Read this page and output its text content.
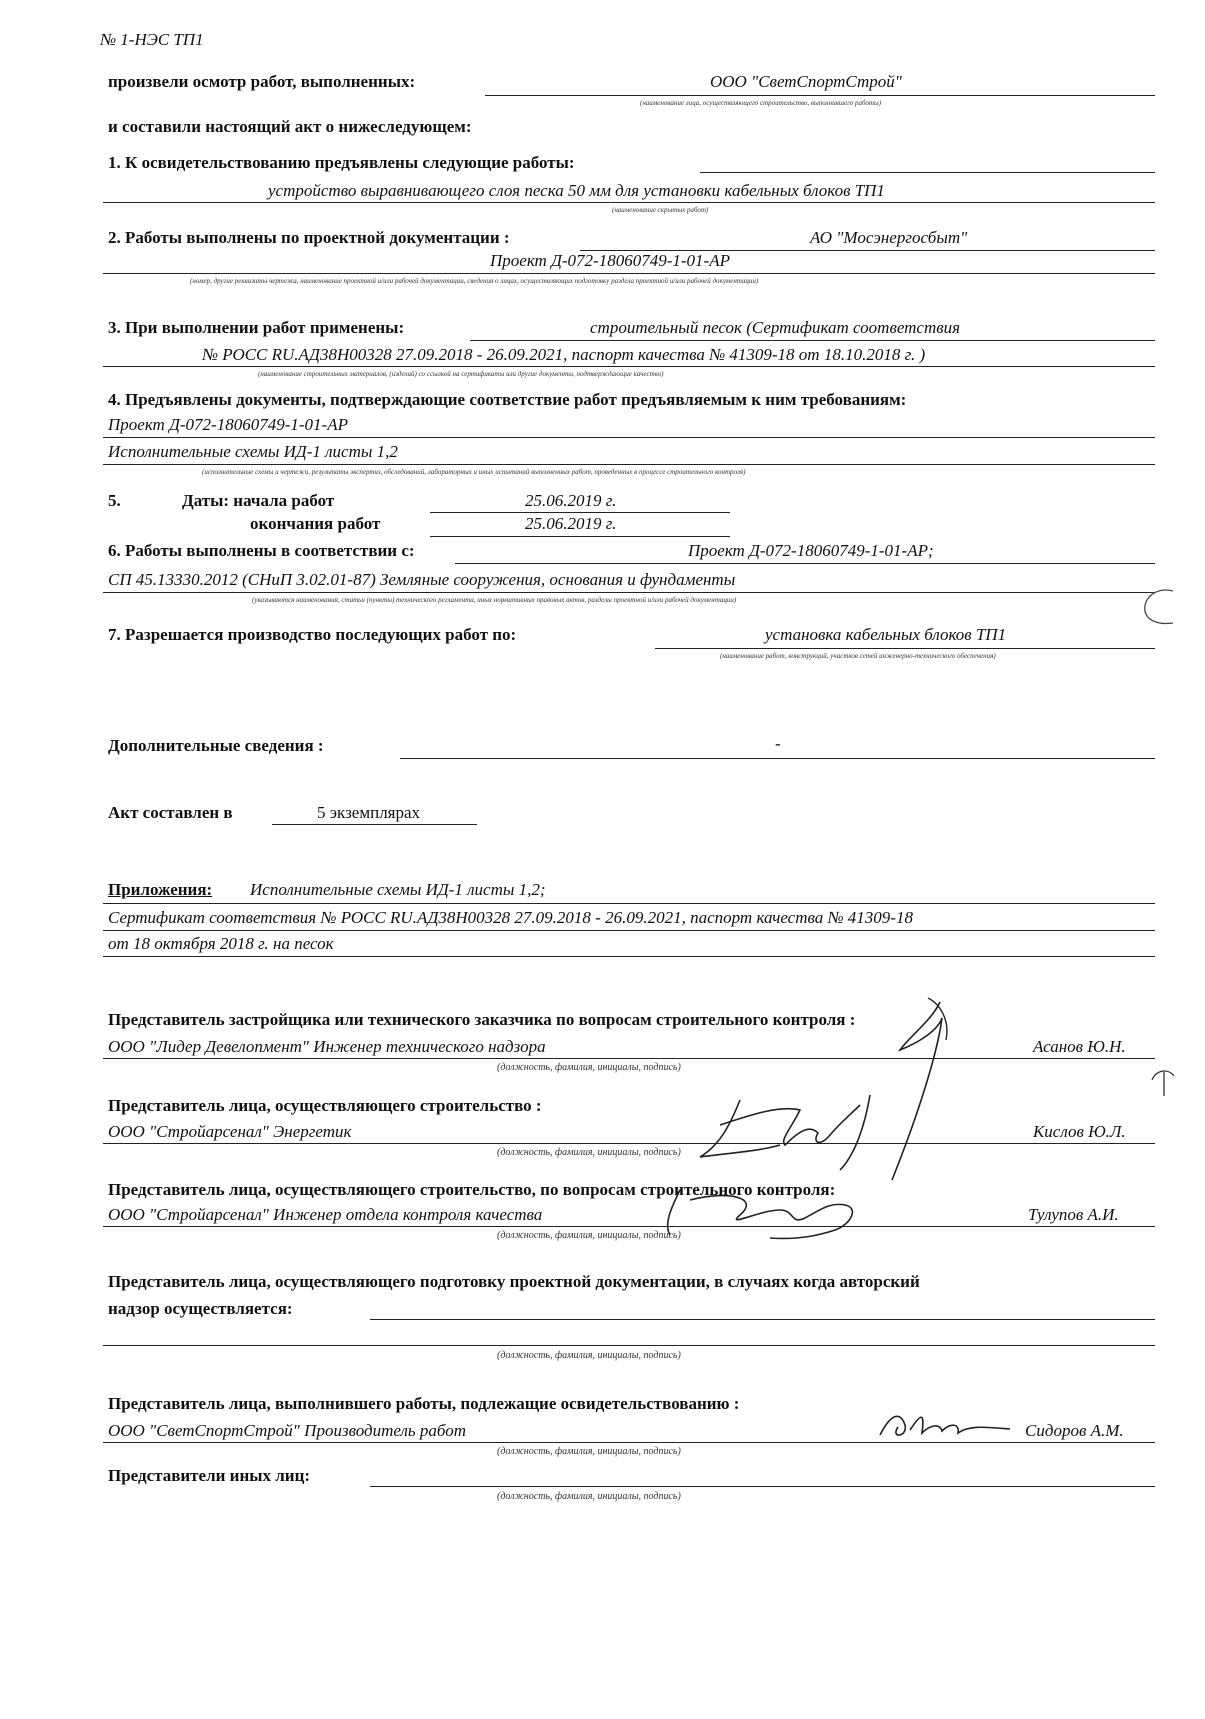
№ 1-НЭС ТП1
произвели осмотр работ, выполненных:	ООО "СветСпортСтрой"
(наименование лица, осуществляющего строительство, выполнившего работы)
и составили настоящий акт о нижеследующем:
1. К освидетельствованию предъявлены следующие работы:
устройство выравнивающего слоя песка 50 мм для установки кабельных блоков ТП1
(наименование скрытых работ)
2. Работы выполнены по проектной документации :	АО "Мосэнергосбыт"
Проект Д-072-18060749-1-01-АР
(номер, другие реквизиты чертежа, наименование проектной и/или рабочей документации, сведения о лицах, осуществляющих подготовку раздела проектной и/или рабочей документации)
3. При выполнении работ применены:	строительный песок (Сертификат соответствия
№ РОСС RU.АД38Н00328 27.09.2018 - 26.09.2021, паспорт качества № 41309-18 от 18.10.2018 г. )
(наименование строительных материалов, (изделий) со ссылкой на сертификаты или другие документы, подтверждающие качество)
4. Предъявлены документы, подтверждающие соответствие работ предъявляемым к ним требованиям:
Проект Д-072-18060749-1-01-АР
Исполнительные схемы ИД-1 листы 1,2
(исполнительные схемы и чертежи, результаты экспертиз, обследований, лабораторных и иных испытаний выполненных работ, проведенных в процессе строительного контроля)
5.	Даты: начала работ	25.06.2019 г.
окончания работ	25.06.2019 г.
6. Работы выполнены в соответствии с:	Проект Д-072-18060749-1-01-АР;
СП 45.13330.2012 (СНиП 3.02.01-87) Земляные сооружения, основания и фундаменты
(указываются наименования, статьи (пункты) технического регламента, иных нормативных правовых актов, разделы проектной и/или рабочей документации)
7. Разрешается производство последующих работ по:	установка кабельных блоков ТП1
(наименование работ, конструкций, участков сетей инженерно-технического обеспечения)
Дополнительные сведения :	-
Акт составлен в	5 экземплярах
Приложения: Исполнительные схемы ИД-1 листы 1,2;
Сертификат соответствия № РОСС RU.АД38Н00328 27.09.2018 - 26.09.2021, паспорт качества № 41309-18
от 18 октября 2018 г. на песок
Представитель застройщика или технического заказчика по вопросам строительного контроля :
ООО "Лидер Девелопмент" Инженер технического надзора	Асанов Ю.Н.
(должность, фамилия, инициалы, подпись)
Представитель лица, осуществляющего строительство :
ООО "Стройарсенал" Энергетик	Кислов Ю.Л.
(должность, фамилия, инициалы, подпись)
Представитель лица, осуществляющего строительство, по вопросам строительного контроля:
ООО "Стройарсенал" Инженер отдела контроля качества	Тулупов А.И.
(должность, фамилия, инициалы, подпись)
Представитель лица, осуществляющего подготовку проектной документации, в случаях когда авторский
надзор осуществляется:
(должность, фамилия, инициалы, подпись)
Представитель лица, выполнившего работы, подлежащие освидетельствованию :
ООО "СветСпортСтрой" Производитель работ	Сидоров А.М.
(должность, фамилия, инициалы, подпись)
Представители иных лиц:
(должность, фамилия, инициалы, подпись)
